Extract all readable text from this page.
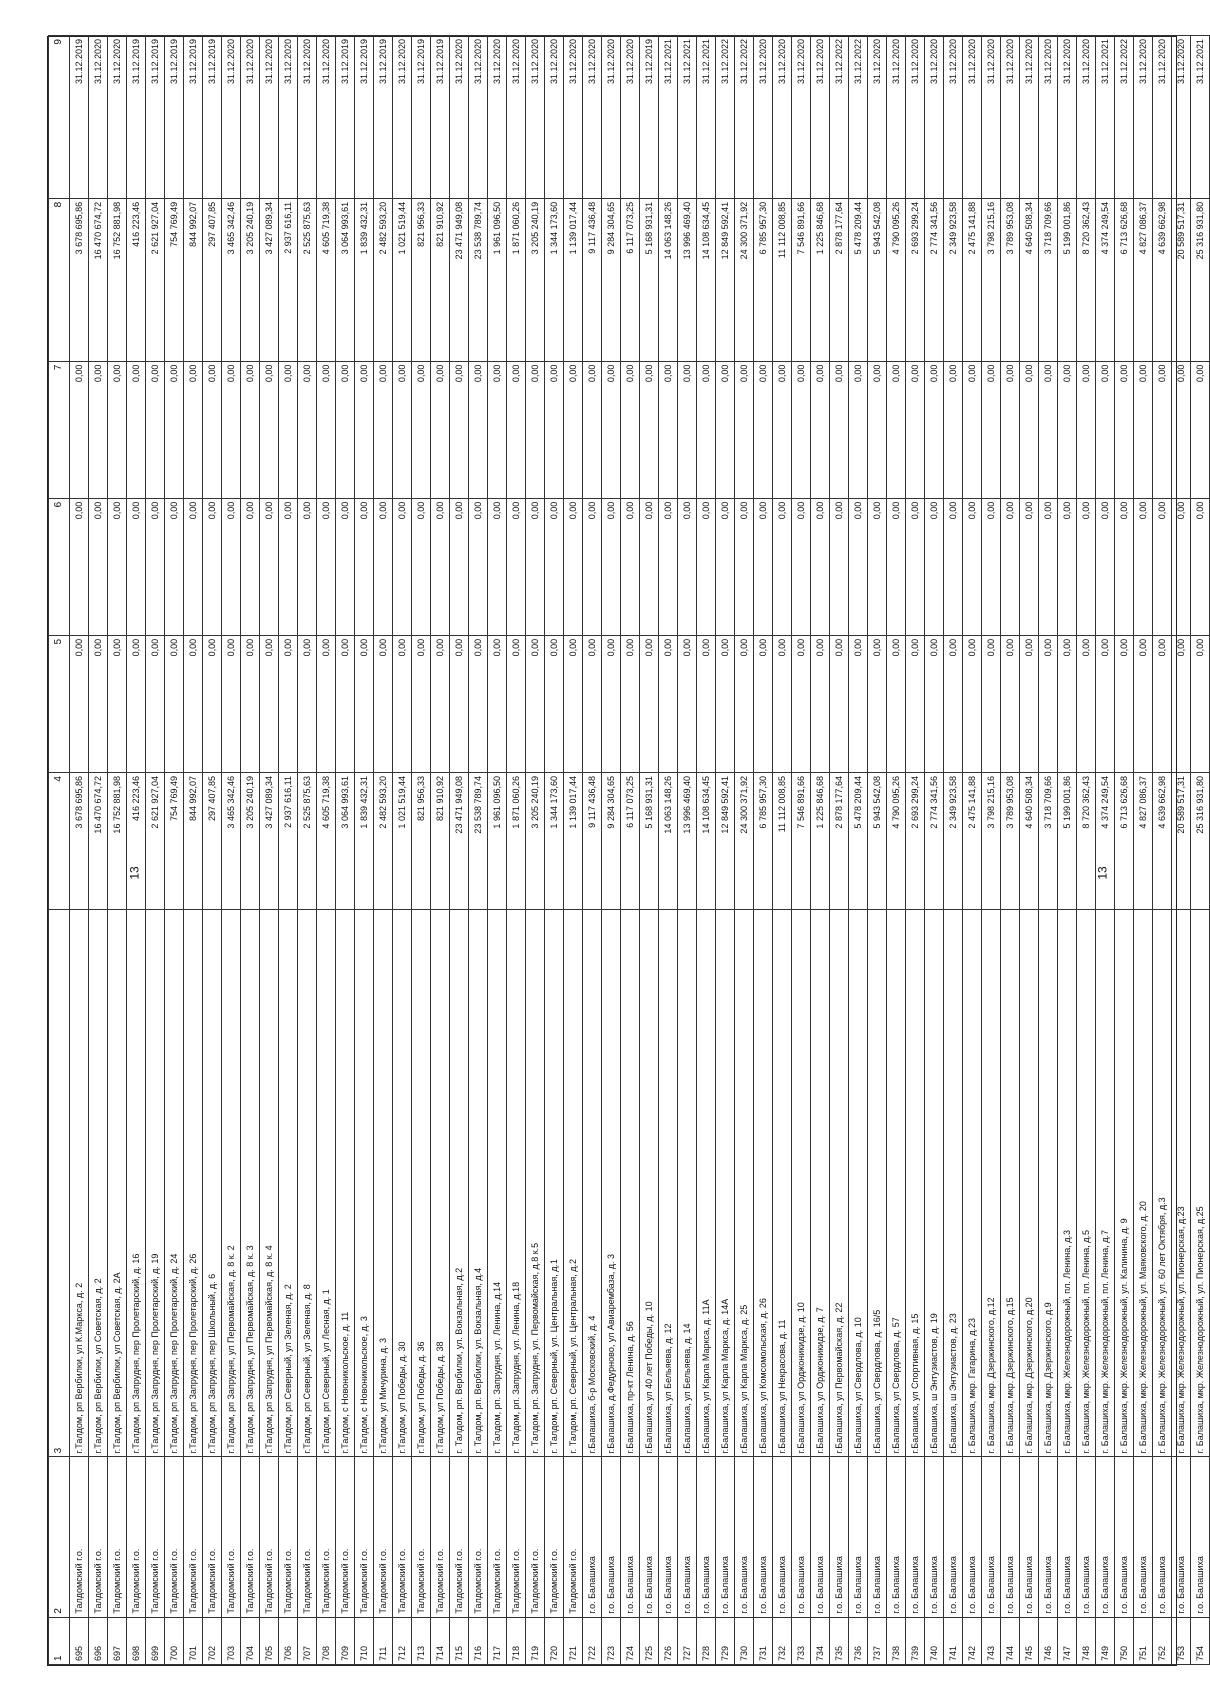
13	13
1	2	3	4	5	6	7	8	9
695	Талдомский г.о.	г.Талдом, рп Вербилки, ул К.Маркса, д. 2	3 678 695,86	0,00	0,00	0,00	3 678 695,86	31.12.2019
696	Талдомский г.о.	г.Талдом, рп Вербилки, ул Советская, д. 2	16 470 674,72	0,00	0,00	0,00	16 470 674,72	31.12.2020
697	Талдомский г.о.	г.Талдом, рп Вербилки, ул Советская, д. 2А	16 752 881,98	0,00	0,00	0,00	16 752 881,98	31.12.2020
698	Талдомский г.о.	г.Талдом, рп Запрудня, пер Пролетарский, д. 16	416 223,46	0,00	0,00	0,00	416 223,46	31.12.2019
699	Талдомский г.о.	г.Талдом, рп Запрудня, пер Пролетарский, д. 19	2 621 927,04	0,00	0,00	0,00	2 621 927,04	31.12.2019
700	Талдомский г.о.	г.Талдом, рп Запрудня, пер Пролетарский, д. 24	754 769,49	0,00	0,00	0,00	754 769,49	31.12.2019
701	Талдомский г.о.	г.Талдом, рп Запрудня, пер Пролетарский, д. 26	844 992,07	0,00	0,00	0,00	844 992,07	31.12.2019
702	Талдомский г.о.	г.Талдом, рп Запрудня, пер Школьный, д. 6	297 407,85	0,00	0,00	0,00	297 407,85	31.12.2019
703	Талдомский г.о.	г.Талдом, рп Запрудня, ул Первомайская, д. 8 к. 2	3 465 342,46	0,00	0,00	0,00	3 465 342,46	31.12.2020
704	Талдомский г.о.	г.Талдом, рп Запрудня, ул Первомайская, д. 8 к. 3	3 205 240,19	0,00	0,00	0,00	3 205 240,19	31.12.2020
705	Талдомский г.о.	г.Талдом, рп Запрудня, ул Первомайская, д. 8 к. 4	3 427 089,34	0,00	0,00	0,00	3 427 089,34	31.12.2020
706	Талдомский г.о.	г.Талдом, рп Северный, ул Зеленая, д. 2	2 937 616,11	0,00	0,00	0,00	2 937 616,11	31.12.2020
707	Талдомский г.о.	г.Талдом, рп Северный, ул Зеленая, д. 8	2 525 875,63	0,00	0,00	0,00	2 525 875,63	31.12.2020
708	Талдомский г.о.	г.Талдом, рп Северный, ул Лесная, д. 1	4 605 719,38	0,00	0,00	0,00	4 605 719,38	31.12.2020
709	Талдомский г.о.	г.Талдом, с Новоникольское, д. 11	3 064 993,61	0,00	0,00	0,00	3 064 993,61	31.12.2019
710	Талдомский г.о.	г.Талдом, с Новоникольское, д. 3	1 839 432,31	0,00	0,00	0,00	1 839 432,31	31.12.2019
711	Талдомский г.о.	г.Талдом, ул Мичурина, д. 3	2 482 593,20	0,00	0,00	0,00	2 482 593,20	31.12.2019
712	Талдомский г.о.	г.Талдом, ул Победы, д. 30	1 021 519,44	0,00	0,00	0,00	1 021 519,44	31.12.2020
713	Талдомский г.о.	г.Талдом, ул Победы, д. 36	821 956,33	0,00	0,00	0,00	821 956,33	31.12.2019
714	Талдомский г.о.	г.Талдом, ул Победы, д. 38	821 910,92	0,00	0,00	0,00	821 910,92	31.12.2019
715	Талдомский г.о.	г. Талдом, рп. Вербилки, ул. Вокзальная, д.2	23 471 949,08	0,00	0,00	0,00	23 471 949,08	31.12.2020
716	Талдомский г.о.	г. Талдом, рп. Вербилки, ул. Вокзальная, д.4	23 538 789,74	0,00	0,00	0,00	23 538 789,74	31.12.2020
717	Талдомский г.о.	г. Талдом, рп. Запрудня, ул. Ленина, д.14	1 961 096,50	0,00	0,00	0,00	1 961 096,50	31.12.2020
718	Талдомский г.о.	г. Талдом, рп. Запрудня, ул. Ленина, д.18	1 871 060,26	0,00	0,00	0,00	1 871 060,26	31.12.2020
719	Талдомский г.о.	г. Талдом, рп. Запрудня, ул. Первомайская, д.8 к.5	3 205 240,19	0,00	0,00	0,00	3 205 240,19	31.12.2020
720	Талдомский г.о.	г. Талдом, рп. Северный, ул. Центральная, д.1	1 344 173,60	0,00	0,00	0,00	1 344 173,60	31.12.2020
721	Талдомский г.о.	г. Талдом, рп. Северный, ул. Центральная, д.2	1 139 017,44	0,00	0,00	0,00	1 139 017,44	31.12.2020
722	г.о. Балашиха	г.Балашиха, б-р Московский, д. 4	9 117 436,48	0,00	0,00	0,00	9 117 436,48	31.12.2020
723	г.о. Балашиха	г.Балашиха, д.Федурново, ул Авиарембаза, д. 3	9 284 304,65	0,00	0,00	0,00	9 284 304,65	31.12.2020
724	г.о. Балашиха	г.Балашиха, пр-кт Ленина, д. 56	6 117 073,25	0,00	0,00	0,00	6 117 073,25	31.12.2020
725	г.о. Балашиха	г.Балашиха, ул 40 лет Победы, д. 10	5 168 931,31	0,00	0,00	0,00	5 168 931,31	31.12.2019
726	г.о. Балашиха	г.Балашиха, ул Бельяева, д. 12	14 063 148,26	0,00	0,00	0,00	14 063 148,26	31.12.2021
727	г.о. Балашиха	г.Балашиха, ул Бельяева, д. 14	13 996 469,40	0,00	0,00	0,00	13 996 469,40	31.12.2021
728	г.о. Балашиха	г.Балашиха, ул Карла Маркса, д. 11А	14 108 634,45	0,00	0,00	0,00	14 108 634,45	31.12.2021
729	г.о. Балашиха	г.Балашиха, ул Карла Маркса, д. 14А	12 849 592,41	0,00	0,00	0,00	12 849 592,41	31.12.2022
730	г.о. Балашиха	г.Балашиха, ул Карла Маркса, д. 25	24 300 371,92	0,00	0,00	0,00	24 300 371,92	31.12.2022
731	г.о. Балашиха	г.Балашиха, ул Комсомольская, д. 26	6 785 957,30	0,00	0,00	0,00	6 785 957,30	31.12.2020
732	г.о. Балашиха	г.Балашиха, ул Некрасова, д. 11	11 112 008,85	0,00	0,00	0,00	11 112 008,85	31.12.2020
733	г.о. Балашиха	г.Балашиха, ул Орджоникидзе, д. 10	7 546 891,66	0,00	0,00	0,00	7 546 891,66	31.12.2020
734	г.о. Балашиха	г.Балашиха, ул Орджоникидзе, д. 7	1 225 846,68	0,00	0,00	0,00	1 225 846,68	31.12.2020
735	г.о. Балашиха	г.Балашиха, ул Первомайская, д. 22	2 878 177,64	0,00	0,00	0,00	2 878 177,64	31.12.2022
736	г.о. Балашиха	г.Балашиха, ул Свердлова, д. 10	5 478 209,44	0,00	0,00	0,00	5 478 209,44	31.12.2022
737	г.о. Балашиха	г.Балашиха, ул Свердлова, д. 16/5	5 943 542,08	0,00	0,00	0,00	5 943 542,08	31.12.2020
738	г.о. Балашиха	г.Балашиха, ул Свердлова, д. 57	4 790 095,26	0,00	0,00	0,00	4 790 095,26	31.12.2020
739	г.о. Балашиха	г.Балашиха, ул Спортивная, д. 15	2 693 299,24	0,00	0,00	0,00	2 693 299,24	31.12.2020
740	г.о. Балашиха	г.Балашиха, ш Энтузиастов, д. 19	2 774 341,56	0,00	0,00	0,00	2 774 341,56	31.12.2020
741	г.о. Балашиха	г.Балашиха, ш Энтузиастов, д. 23	2 349 923,58	0,00	0,00	0,00	2 349 923,58	31.12.2020
742	г.о. Балашиха	г. Балашиха, мкр. Гагарина, д.23	2 475 141,88	0,00	0,00	0,00	2 475 141,88	31.12.2020
743	г.о. Балашиха	г. Балашиха, мкр. Дзержинского, д.12	3 798 215,16	0,00	0,00	0,00	3 798 215,16	31.12.2020
744	г.о. Балашиха	г. Балашиха, мкр. Дзержинского, д.15	3 789 953,08	0,00	0,00	0,00	3 789 953,08	31.12.2020
745	г.о. Балашиха	г. Балашиха, мкр. Дзержинского, д.20	4 640 508,34	0,00	0,00	0,00	4 640 508,34	31.12.2020
746	г.о. Балашиха	г. Балашиха, мкр. Дзержинского, д.9	3 718 709,66	0,00	0,00	0,00	3 718 709,66	31.12.2020
747	г.о. Балашиха	г. Балашиха, мкр. Железнодорожный, пл. Ленина, д.3	5 199 001,86	0,00	0,00	0,00	5 199 001,86	31.12.2020
748	г.о. Балашиха	г. Балашиха, мкр. Железнодорожный, пл. Ленина, д.5	8 720 362,43	0,00	0,00	0,00	8 720 362,43	31.12.2020
749	г.о. Балашиха	г. Балашиха, мкр. Железнодорожный, пл. Ленина, д.7	4 374 249,54	0,00	0,00	0,00	4 374 249,54	31.12.2021
750	г.о. Балашиха	г. Балашиха, мкр. Железнодорожный, ул. Калинина, д. 9	6 713 626,68	0,00	0,00	0,00	6 713 626,68	31.12.2022
751	г.о. Балашиха	г. Балашиха, мкр. Железнодорожный, ул. Маяковского, д. 20	4 827 086,37	0,00	0,00	0,00	4 827 086,37	31.12.2020
752	г.о. Балашиха	г. Балашиха, мкр. Железнодорожный, ул. 60 лет Октября, д.3	4 639 662,98	0,00	0,00	0,00	4 639 662,98	31.12.2020
753	г.о. Балашиха	г. Балашиха, мкр. Железнодорожный, ул. Пионерская, д.23	20 589 517,31	0,00	0,00	0,00	20 589 517,31	31.12.2020
754	г.о. Балашиха	г. Балашиха, мкр. Железнодорожный, ул. Пионерская, д.25	25 316 931,80	0,00	0,00	0,00	25 316 931,80	31.12.2021
